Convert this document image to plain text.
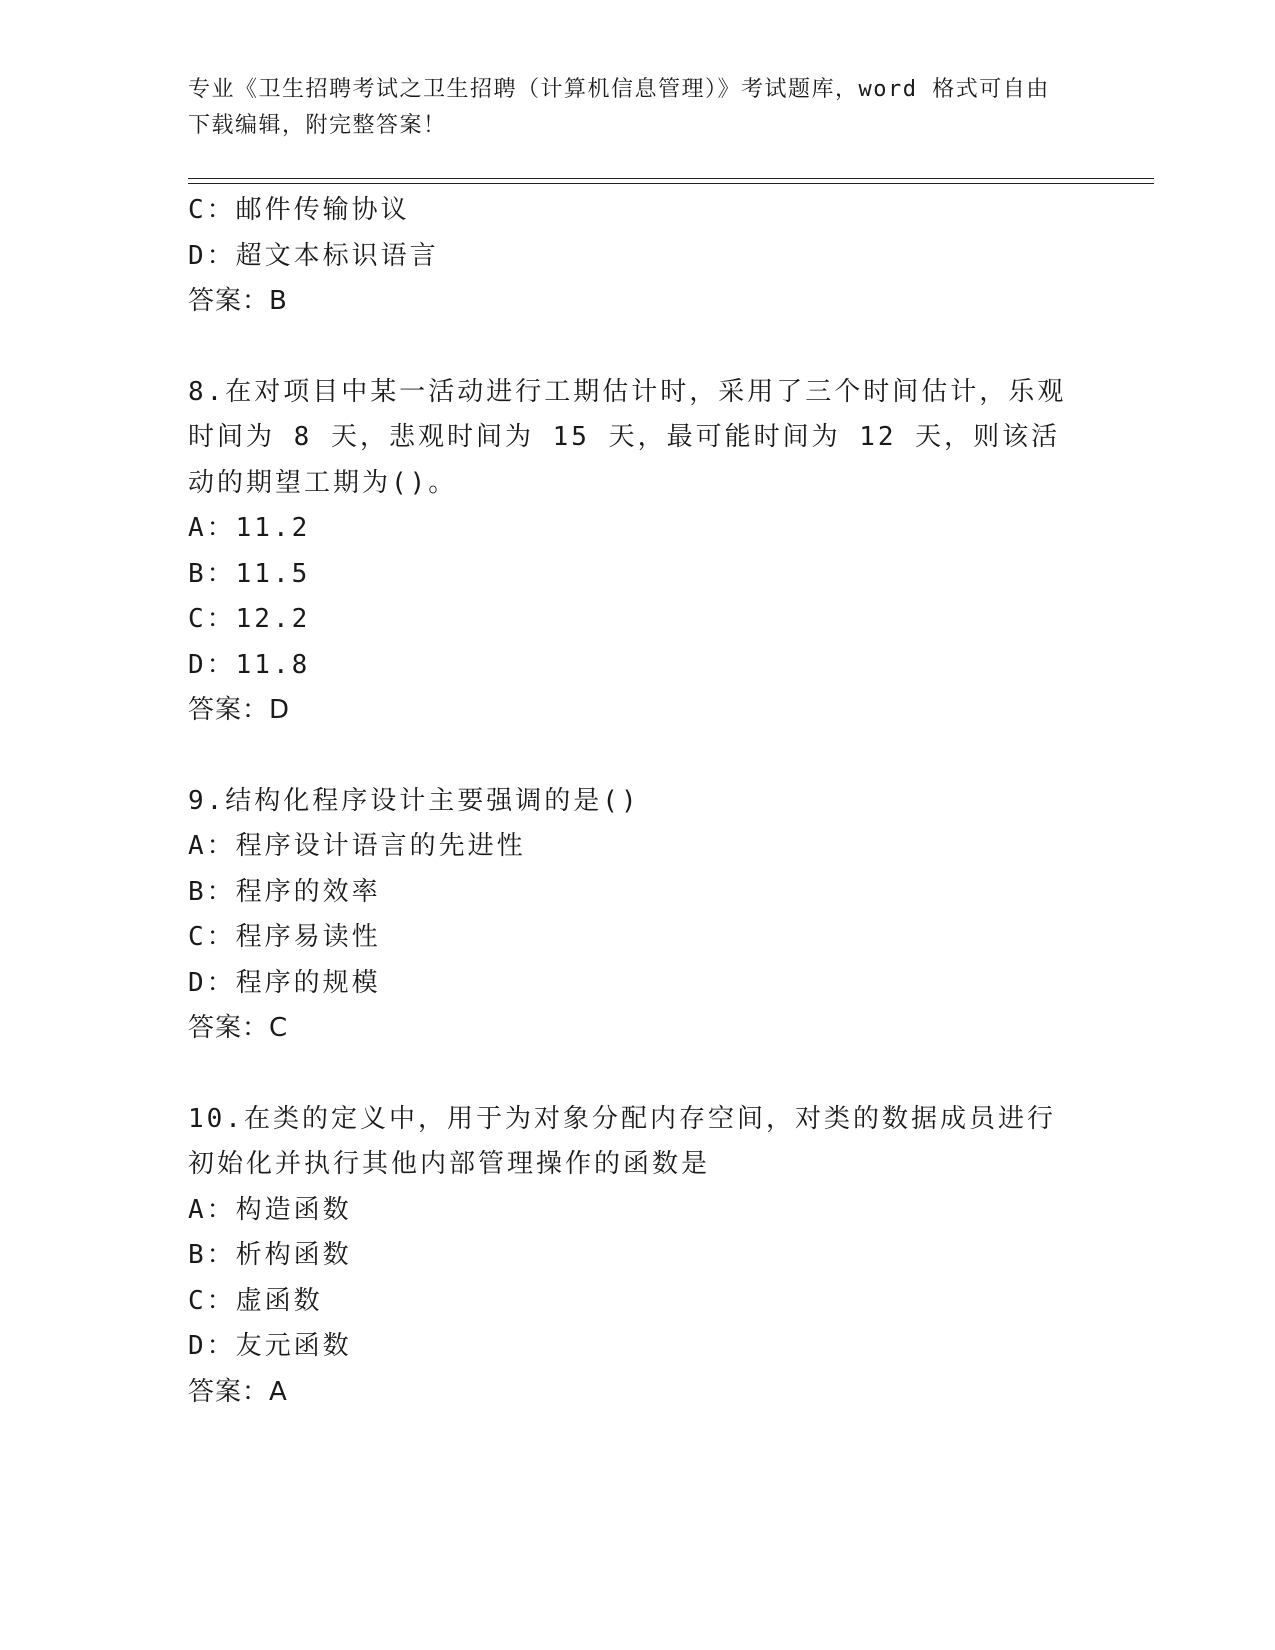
专业《卫生招聘考试之卫生招聘（计算机信息管理）》考试题库，word 格式可自由下载编辑，附完整答案！
C：邮件传输协议
D：超文本标识语言
答案：B
8.在对项目中某一活动进行工期估计时，采用了三个时间估计，乐观时间为 8 天，悲观时间为 15 天，最可能时间为 12 天，则该活动的期望工期为()。
A：11.2
B：11.5
C：12.2
D：11.8
答案：D
9.结构化程序设计主要强调的是()
A：程序设计语言的先进性
B：程序的效率
C：程序易读性
D：程序的规模
答案：C
10.在类的定义中，用于为对象分配内存空间，对类的数据成员进行初始化并执行其他内部管理操作的函数是
A：构造函数
B：析构函数
C：虚函数
D：友元函数
答案：A
